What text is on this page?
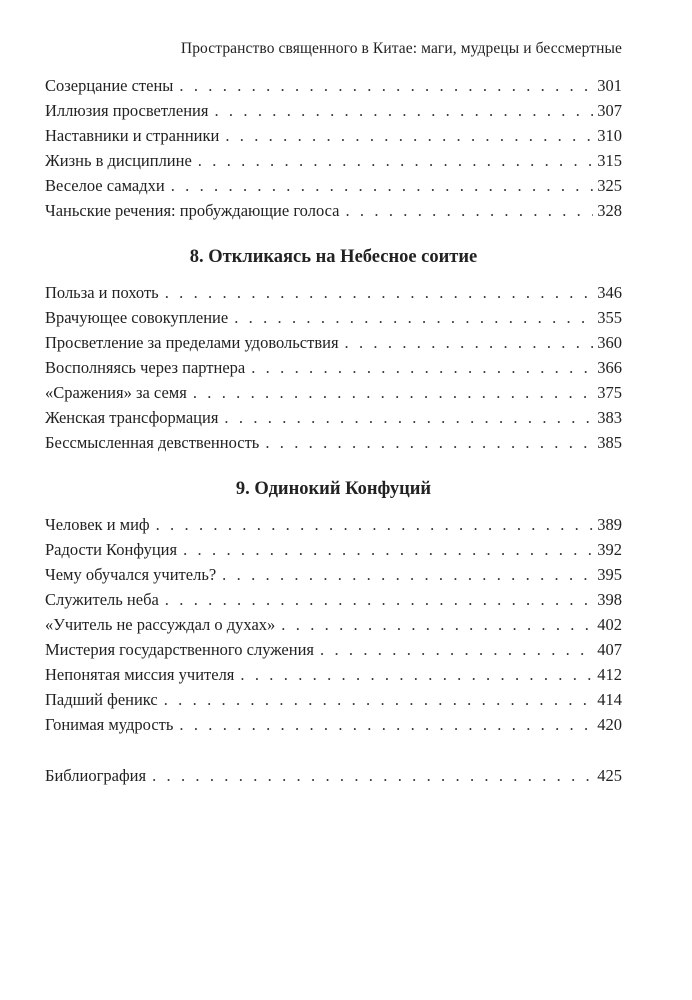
Пространство священного в Китае: маги, мудрецы и бессмертные
Созерцание стены . . .	301
Иллюзия просветления . . .	307
Наставники и странники . . .	310
Жизнь в дисциплине . . .	315
Веселое самадхи . . .	325
Чаньские речения: пробуждающие голоса . . .	328
8. Откликаясь на Небесное соитие
Польза и похоть . . .	346
Врачующее совокупление . . .	355
Просветление за пределами удовольствия . . .	360
Восполняясь через партнера . . .	366
«Сражения» за семя . . .	375
Женская трансформация . . .	383
Бессмысленная девственность . . .	385
9. Одинокий Конфуций
Человек и миф . . .	389
Радости Конфуция . . .	392
Чему обучался учитель? . . .	395
Служитель неба . . .	398
«Учитель не рассуждал о духах» . . .	402
Мистерия государственного служения . . .	407
Непонятая миссия учителя . . .	412
Падший феникс . . .	414
Гонимая мудрость . . .	420
Библиография . . .	425
